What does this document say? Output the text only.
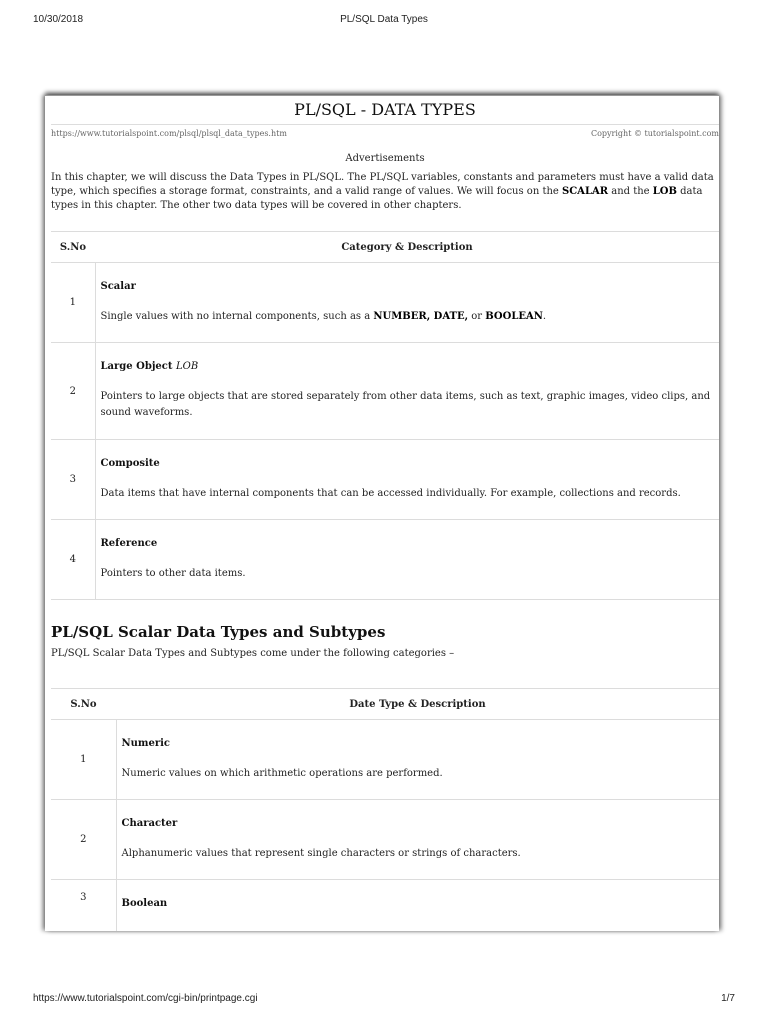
10/30/2018	PL/SQL Data Types
PL/SQL - DATA TYPES
https://www.tutorialspoint.com/plsql/plsql_data_types.htm	Copyright © tutorialspoint.com
Advertisements

In this chapter, we will discuss the Data Types in PL/SQL. The PL/SQL variables, constants and parameters must have a valid data type, which specifies a storage format, constraints, and a valid range of values. We will focus on the SCALAR and the LOB data types in this chapter. The other two data types will be covered in other chapters.

S.No	Category & Description
1	Scalar

Single values with no internal components, such as a NUMBER, DATE, or BOOLEAN.

2	Large Object LOB

Pointers to large objects that are stored separately from other data items, such as text, graphic images, video clips, and sound waveforms.

3	Composite

Data items that have internal components that can be accessed individually. For example, collections and records.

4	Reference

Pointers to other data items.

PL/SQL Scalar Data Types and Subtypes

PL/SQL Scalar Data Types and Subtypes come under the following categories –

S.No	Date Type & Description
1	Numeric

Numeric values on which arithmetic operations are performed.

2	Character

Alphanumeric values that represent single characters or strings of characters.

3	Boolean

https://www.tutorialspoint.com/cgi-bin/printpage.cgi	1/7
